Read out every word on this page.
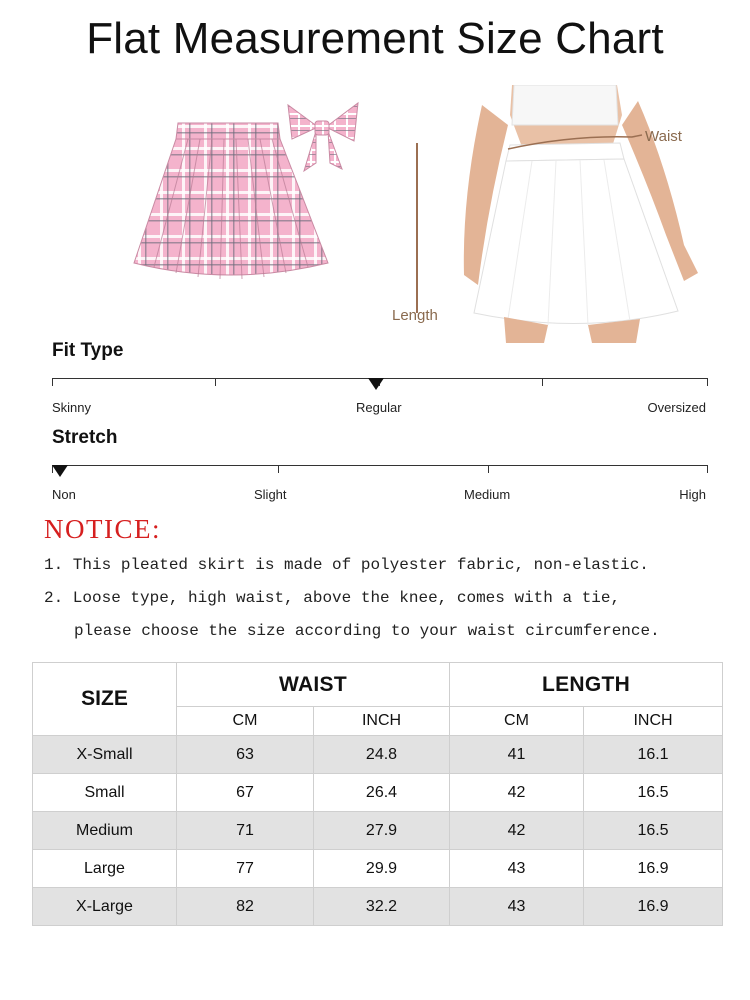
Flat Measurement Size Chart
Length
Waist
Fit Type
Skinny	Regular	Oversized
Stretch
Non	Slight	Medium	High
NOTICE:
1. This pleated skirt is made of polyester fabric, non-elastic.
2. Loose type, high waist, above the knee, comes with a tie,
please choose the size according to your waist circumference.
SIZE	WAIST		LENGTH	
	CM	INCH	CM	INCH
X-Small	63	24.8	41	16.1
Small	67	26.4	42	16.5
Medium	71	27.9	42	16.5
Large	77	29.9	43	16.9
X-Large	82	32.2	43	16.9
